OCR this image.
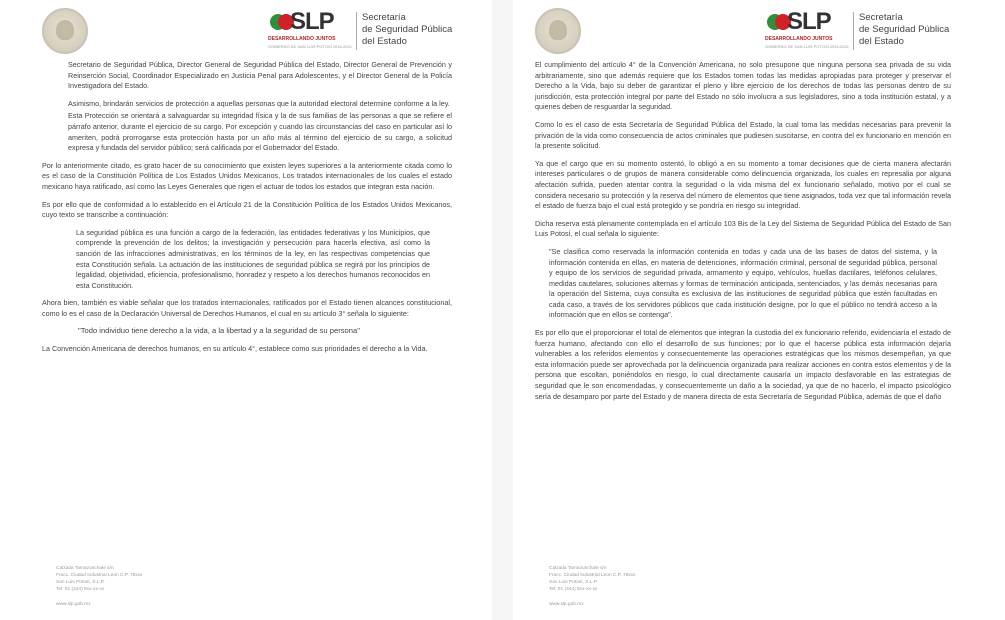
SLP
DESARROLLANDO JUNTOS
GOBIERNO DE SAN LUIS POTOSÍ 2015-2021
Secretaría
de Seguridad Pública
del Estado

Secretario de Seguridad Pública, Director General de Seguridad Pública del Estado, Director General de Prevención y Reinserción Social, Coordinador Especializado en Justicia Penal para Adolescentes, y el Director General de la Policía Investigadora del Estado.

Asimismo, brindarán servicios de protección a aquellas personas que la autoridad electoral determine conforme a la ley.

Esta Protección se orientará a salvaguardar su integridad física y la de sus familias de las personas a que se refiere el párrafo anterior, durante el ejercicio de su cargo. Por excepción y cuando las circunstancias del caso en particular así lo ameriten, podrá prorrogarse esta protección hasta por un año más al término del ejercicio de su cargo, a solicitud expresa y fundada del servidor público; será calificada por el Gobernador del Estado.

Por lo anteriormente citado, es grato hacer de su conocimiento que existen leyes superiores a la anteriormente citada como lo es el caso de la Constitución Política de Los Estados Unidos Mexicanos, Los tratados internacionales de los cuales el estado mexicano haya ratificado, así como las Leyes Generales que rigen el actuar de todos los estados que integran esta nación.

Es por ello que de conformidad a lo establecido en el Artículo 21 de la Constitución Política de los Estados Unidos Mexicanos, cuyo texto se transcribe a continuación:

La seguridad pública es una función a cargo de la federación, las entidades federativas y los Municipios, que comprende la prevención de los delitos; la investigación y persecución para hacerla efectiva, así como la sanción de las infracciones administrativas, en los términos de la ley, en las respectivas competencias que esta Constitución señala. La actuación de las instituciones de seguridad pública se regirá por los principios de legalidad, objetividad, eficiencia, profesionalismo, honradez y respeto a los derechos humanos reconocidos en esta Constitución.

Ahora bien, también es viable señalar que los tratados internacionales, ratificados por el Estado tienen alcances constitucional, como lo es el caso de la Declaración Universal de Derechos Humanos, el cual en su artículo 3° señala lo siguiente:

"Todo individuo tiene derecho a la vida, a la libertad y a la seguridad de su persona"

La Convención Americana de derechos humanos, en su artículo 4°, establece como sus prioridades el derecho a la Vida.

Calzada Tamazunchale s/n
Fracc. Ciudad Industrial Leon C.P. 78xxx
San Luis Potosí, S.L.P.
Tel: 01 (444) 8xx-xx-xx
www.slp.gob.mx
SLP
DESARROLLANDO JUNTOS
GOBIERNO DE SAN LUIS POTOSÍ 2015-2021
Secretaría
de Seguridad Pública
del Estado

El cumplimiento del artículo 4° de la Convención Americana, no solo presupone que ninguna persona sea privada de su vida arbitrariamente, sino que además requiere que los Estados tomen todas las medidas apropiadas para proteger y preservar el Derecho a la Vida, bajo su deber de garantizar el pleno y libre ejercicio de los derechos de todas las personas dentro de su jurisdicción, esta protección integral por parte del Estado no sólo involucra a sus legisladores, sino a toda institución estatal, y a quienes deben de resguardar la seguridad.

Como lo es el caso de esta Secretaría de Seguridad Pública del Estado, la cual toma las medidas necesarias para prevenir la privación de la vida como consecuencia de actos criminales que pudiesen suscitarse, en contra del ex funcionario en mención en la presente solicitud.

Ya que el cargo que en su momento ostentó, lo obligó a en su momento a tomar decisiones que de cierta manera afectarán intereses particulares o de grupos de manera considerable como delincuencia organizada, los cuales en represalia por alguna afectación sufrida, pueden atentar contra la seguridad o la vida misma del ex funcionario señalado, motivo por el cual se considera necesario su protección y la reserva del número de elementos que tiene asignados, toda vez que tal información revela el estado de fuerza bajo el cual está protegido y se pondría en riesgo su integridad.

Dicha reserva está plenamente contemplada en el artículo 103 Bis de la Ley del Sistema de Seguridad Pública del Estado de San Luis Potosí, el cual señala lo siguiente:

"Se clasifica como reservada la información contenida en todas y cada una de las bases de datos del sistema, y la información contenida en ellas, en materia de detenciones, información criminal, personal de seguridad pública, personal y equipo de los servicios de seguridad privada, armamento y equipo, vehículos, huellas dactilares, teléfonos celulares, medidas cautelares, soluciones alternas y formas de terminación anticipada, sentenciados, y las demás necesarias para la operación del Sistema, cuya consulta es exclusiva de las instituciones de seguridad pública que estén facultadas en cada caso, a través de los servidores públicos que cada institución designe, por lo que el público no tendrá acceso a la información que en ellos se contenga".

Es por ello que el proporcionar el total de elementos que integran la custodia del ex funcionario referido, evidenciaría el estado de fuerza humano, afectando con ello el desarrollo de sus funciones; por lo que el hacerse pública esta información dejaría vulnerables a los referidos elementos y consecuentemente las operaciones estratégicas que los mismos desempeñan, ya que esta información puede ser aprovechada por la delincuencia organizada para realizar acciones en contra estos elementos y de la persona que escoltan, poniéndolos en riesgo, lo cual directamente causaría un impacto desfavorable en las estrategias de seguridad que le son encomendadas, y consecuentemente un daño a la sociedad, ya que de no hacerlo, el impacto psicológico sería de desamparo por parte del Estado y de manera directa de esta Secretaría de Seguridad Pública, además de que el daño

Calzada Tamazunchale s/n
Fracc. Ciudad Industrial Leon C.P. 78xxx
San Luis Potosí, S.L.P.
Tel: 01 (444) 8xx-xx-xx
www.slp.gob.mx
